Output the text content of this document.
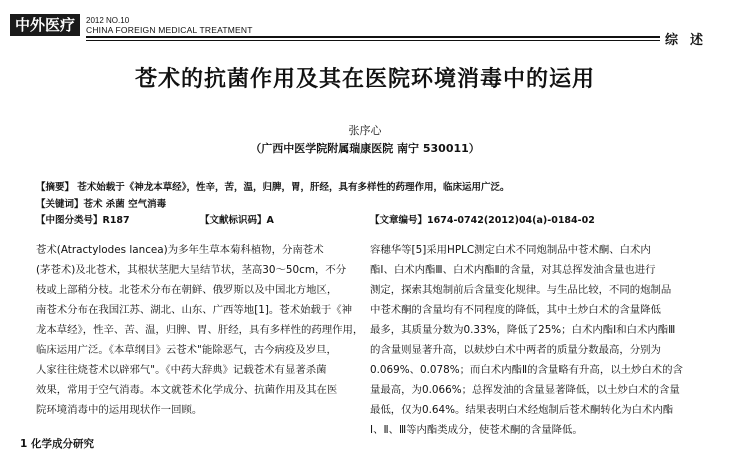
中外医疗	2012 NO.10
CHINA FOREIGN MEDICAL TREATMENT
综述
苍术的抗菌作用及其在医院环境消毒中的运用
张序心
（广西中医学院附属瑞康医院 南宁 530011）
【摘要】 苍术始载于《神龙本草经》，性辛，苦，温，归脾，胃，肝经，具有多样性的药理作用，临床运用广泛。
【关键词】苍术 杀菌 空气消毒
【中图分类号】R187	【文献标识码】A	【文章编号】1674-0742(2012)04(a)-0184-02
苍术(Atractylodes lancea)为多年生草本菊科植物，分南苍术
(茅苍术)及北苍术，其根状茎肥大呈结节状，茎高30～50cm，不分
枝或上部稍分枝。北苍术分布在朝鲜、俄罗斯以及中国北方地区，
南苍术分布在我国江苏、湖北、山东、广西等地[1]。苍术始载于《神
龙本草经》，性辛、苦、温，归脾、胃、肝经，具有多样性的药理作用，
临床运用广泛。《本草纲目》云苍术"能除恶气，古今病疫及岁旦，
人家往往烧苍术以辟邪气"。《中药大辞典》记载苍术有显著杀菌
效果，常用于空气消毒。本文就苍术化学成分、抗菌作用及其在医
院环境消毒中的运用现状作一回顾。
1 化学成分研究
容穗华等[5]采用HPLC测定白术不同炮制品中苍术酮、白术内
酯Ⅰ、白术内酯Ⅲ、白术内酯Ⅱ的含量，对其总挥发油含量也进行
测定，探索其炮制前后含量变化规律。与生品比较，不同的炮制品
中苍术酮的含量均有不同程度的降低，其中土炒白术的含量降低
最多，其质量分数为0.33%，降低了25%；白术内酯Ⅰ和白术内酯Ⅲ
的含量则显著升高，以麸炒白术中两者的质量分数最高，分别为
0.069%、0.078%；而白术内酯Ⅱ的含量略有升高，以土炒白术的含
量最高，为0.066%；总挥发油的含量显著降低，以土炒白术的含量
最低，仅为0.64%。结果表明白术经炮制后苍术酮转化为白术内酯
Ⅰ、Ⅱ、Ⅲ等内酯类成分，使苍术酮的含量降低。
